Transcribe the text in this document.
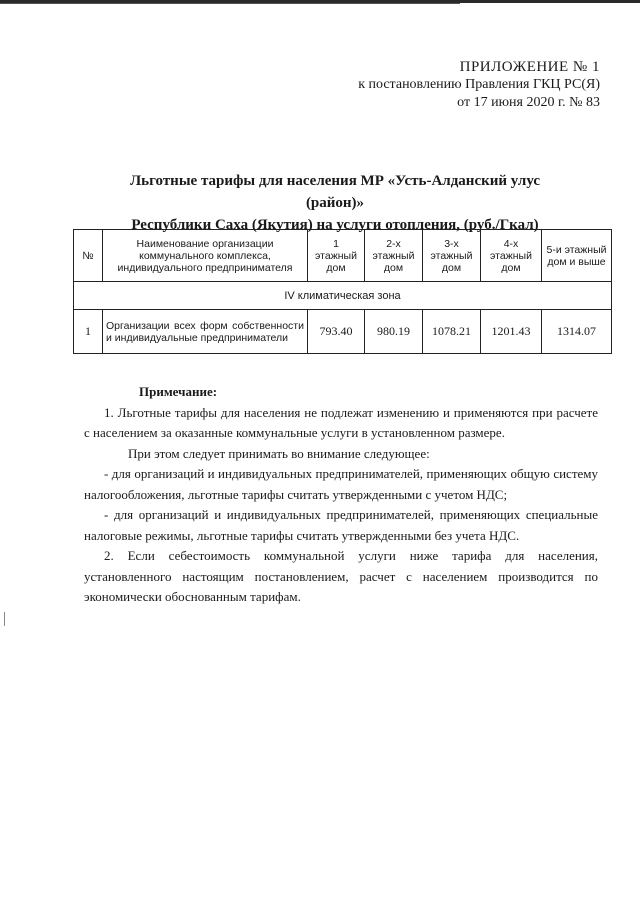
ПРИЛОЖЕНИЕ № 1
к постановлению Правления ГКЦ РС(Я)
от 17 июня 2020 г. № 83
Льготные тарифы для населения МР «Усть-Алданский улус (район)»
Республики Саха (Якутия) на услуги отопления, (руб./Гкал)
№	Наименование организации коммунального комплекса, индивидуального предпринимателя	1 этажный дом	2-х этажный дом	3-х этажный дом	4-х этажный дом	5-и этажный дом и выше
IV климатическая зона						
1	Организации всех форм собственности и индивидуальные предприниматели	793.40	980.19	1078.21	1201.43	1314.07

Примечание:

1. Льготные тарифы для населения не подлежат изменению и применяются при расчете с населением за оказанные коммунальные услуги в установленном размере.

При этом следует принимать во внимание следующее:

- для организаций и индивидуальных предпринимателей, применяющих общую систему налогообложения, льготные тарифы считать утвержденными с учетом НДС;

- для организаций и индивидуальных предпринимателей, применяющих специальные налоговые режимы, льготные тарифы считать утвержденными без учета НДС.

2. Если себестоимость коммунальной услуги ниже тарифа для населения, установленного настоящим постановлением, расчет с населением производится по экономически обоснованным тарифам.
